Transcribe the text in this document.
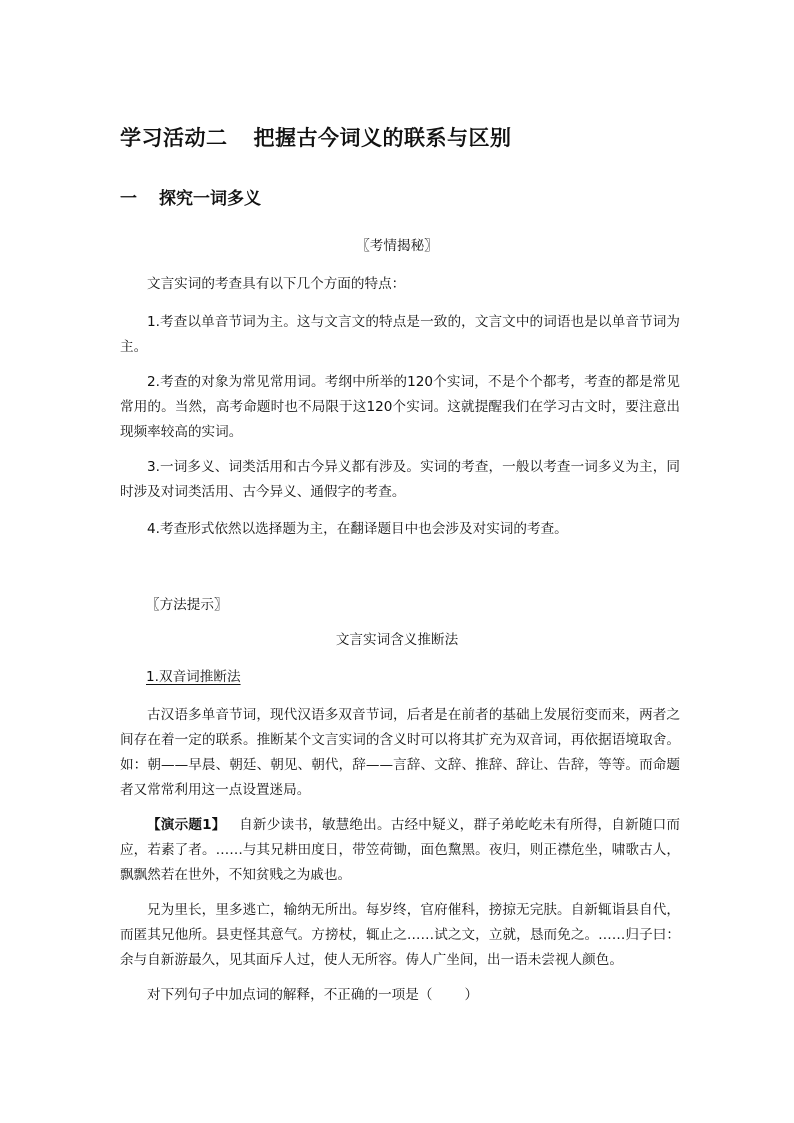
学习活动二 把握古今词义的联系与区别
一 探究一词多义
〖考情揭秘〗
文言实词的考查具有以下几个方面的特点：
1.考查以单音节词为主。这与文言文的特点是一致的，文言文中的词语也是以单音节词为主。
2.考查的对象为常见常用词。考纲中所举的120个实词，不是个个都考，考查的都是常见常用的。当然，高考命题时也不局限于这120个实词。这就提醒我们在学习古文时，要注意出现频率较高的实词。
3.一词多义、词类活用和古今异义都有涉及。实词的考查，一般以考查一词多义为主，同时涉及对词类活用、古今异义、通假字的考查。
4.考查形式依然以选择题为主，在翻译题目中也会涉及对实词的考查。
〖方法提示〗
文言实词含义推断法
1.双音词推断法
古汉语多单音节词，现代汉语多双音节词，后者是在前者的基础上发展衍变而来，两者之间存在着一定的联系。推断某个文言实词的含义时可以将其扩充为双音词，再依据语境取舍。如：朝——早晨、朝廷、朝见、朝代，辞——言辞、文辞、推辞、辞让、告辞，等等。而命题者又常常利用这一点设置迷局。
【演示题1】 自新少读书，敏慧绝出。古经中疑义，群子弟屹屹未有所得，自新随口而应，若素了者。……与其兄耕田度日，带笠荷锄，面色黧黑。夜归，则正襟危坐，啸歌古人，飘飘然若在世外，不知贫贱之为戚也。
兄为里长，里多逃亡，输纳无所出。每岁终，官府催科，搒掠无完肤。自新辄诣县自代，而匿其兄他所。县吏怪其意气。方搒杖，辄止之……试之文，立就，恳而免之。……归子曰：余与自新游最久，见其面斥人过，使人无所容。俦人广坐间，出一语未尝视人颜色。
对下列句子中加点词的解释，不正确的一项是（ ）
